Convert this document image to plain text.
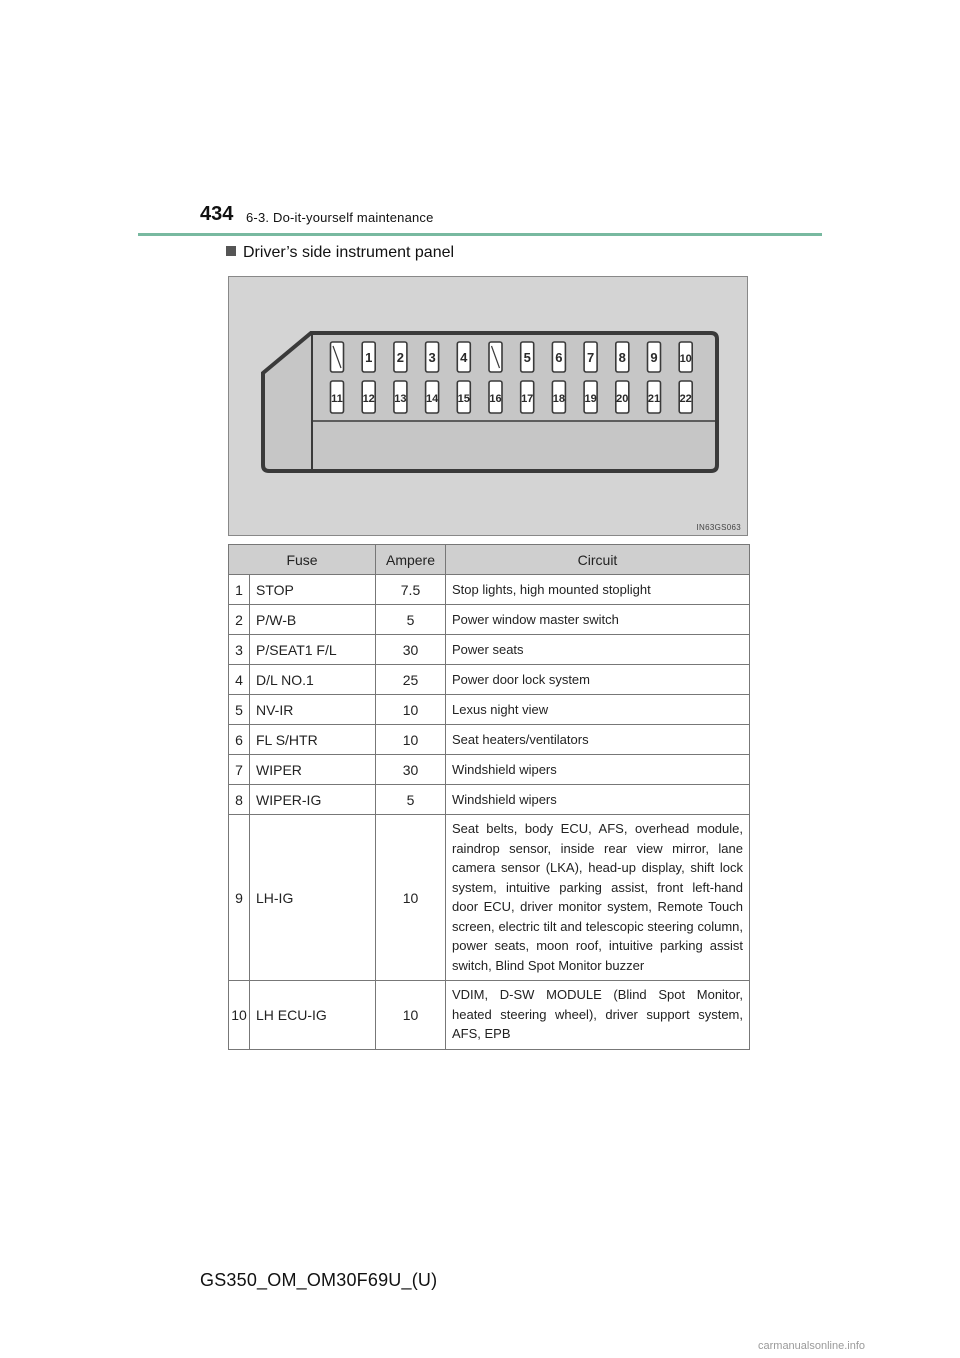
434 6-3. Do-it-yourself maintenance
Driver’s side instrument panel
1 2 3 4	5 6 7 8 9 10
11 12 13 14 15 16 17 18 19 20 21 22
IN63GS063
Fuse		Ampere	Circuit
1	STOP	7.5	Stop lights, high mounted stoplight
2	P/W-B	5	Power window master switch
3	P/SEAT1 F/L	30	Power seats
4	D/L NO.1	25	Power door lock system
5	NV-IR	10	Lexus night view
6	FL S/HTR	10	Seat heaters/ventilators
7	WIPER	30	Windshield wipers
8	WIPER-IG	5	Windshield wipers
9	LH-IG	10	Seat belts, body ECU, AFS, overhead module, raindrop sensor, inside rear view mirror, lane camera sensor (LKA), head-up display, shift lock system, intuitive parking assist, front left-hand door ECU, driver monitor system, Remote Touch screen, electric tilt and telescopic steering column, power seats, moon roof, intuitive parking assist switch, Blind Spot Monitor buzzer
10	LH ECU-IG	10	VDIM, D-SW MODULE (Blind Spot Monitor, heated steering wheel), driver support system, AFS, EPB
GS350_OM_OM30F69U_(U)
carmanualsonline.info
